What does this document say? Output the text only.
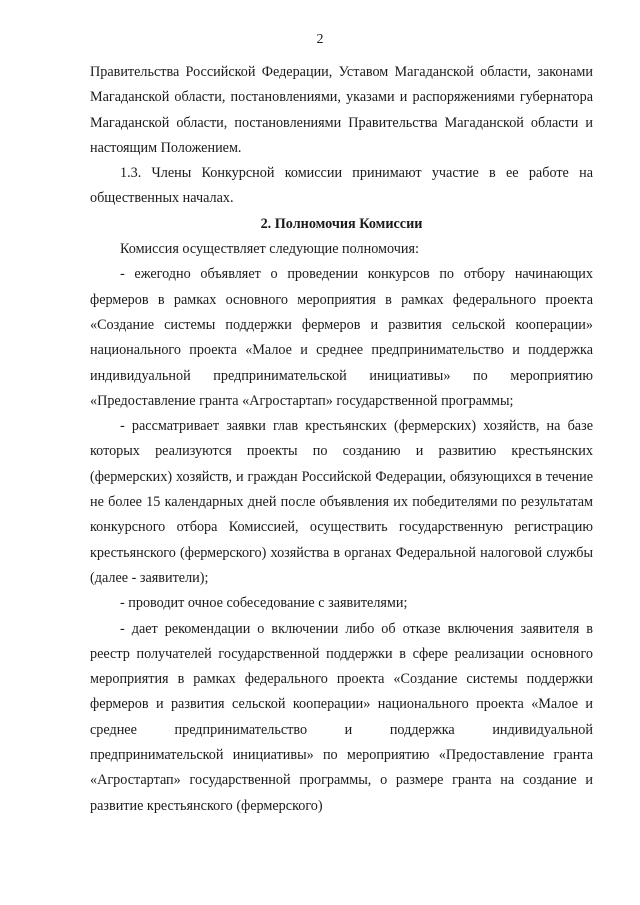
2

Правительства Российской Федерации, Уставом Магаданской области, законами Магаданской области, постановлениями, указами и распоряжениями губернатора Магаданской области, постановлениями Правительства Магаданской области и настоящим Положением.

1.3. Члены Конкурсной комиссии принимают участие в ее работе на общественных началах.

2. Полномочия Комиссии

Комиссия осуществляет следующие полномочия:

- ежегодно объявляет о проведении конкурсов по отбору начинающих фермеров в рамках основного мероприятия в рамках федерального проекта «Создание системы поддержки фермеров и развития сельской кооперации» национального проекта «Малое и среднее предпринимательство и поддержка индивидуальной предпринимательской инициативы» по мероприятию «Предоставление гранта «Агростартап» государственной программы;

- рассматривает заявки глав крестьянских (фермерских) хозяйств, на базе которых реализуются проекты по созданию и развитию крестьянских (фермерских) хозяйств, и граждан Российской Федерации, обязующихся в течение не более 15 календарных дней после объявления их победителями по результатам конкурсного отбора Комиссией, осуществить государственную регистрацию крестьянского (фермерского) хозяйства в органах Федеральной налоговой службы (далее - заявители);

- проводит очное собеседование с заявителями;

- дает рекомендации о включении либо об отказе включения заявителя в реестр получателей государственной поддержки в сфере реализации основного мероприятия в рамках федерального проекта «Создание системы поддержки фермеров и развития сельской кооперации» национального проекта «Малое и среднее предпринимательство и поддержка индивидуальной предпринимательской инициативы» по мероприятию «Предоставление гранта «Агростартап» государственной программы, о размере гранта на создание и развитие крестьянского (фермерского)
